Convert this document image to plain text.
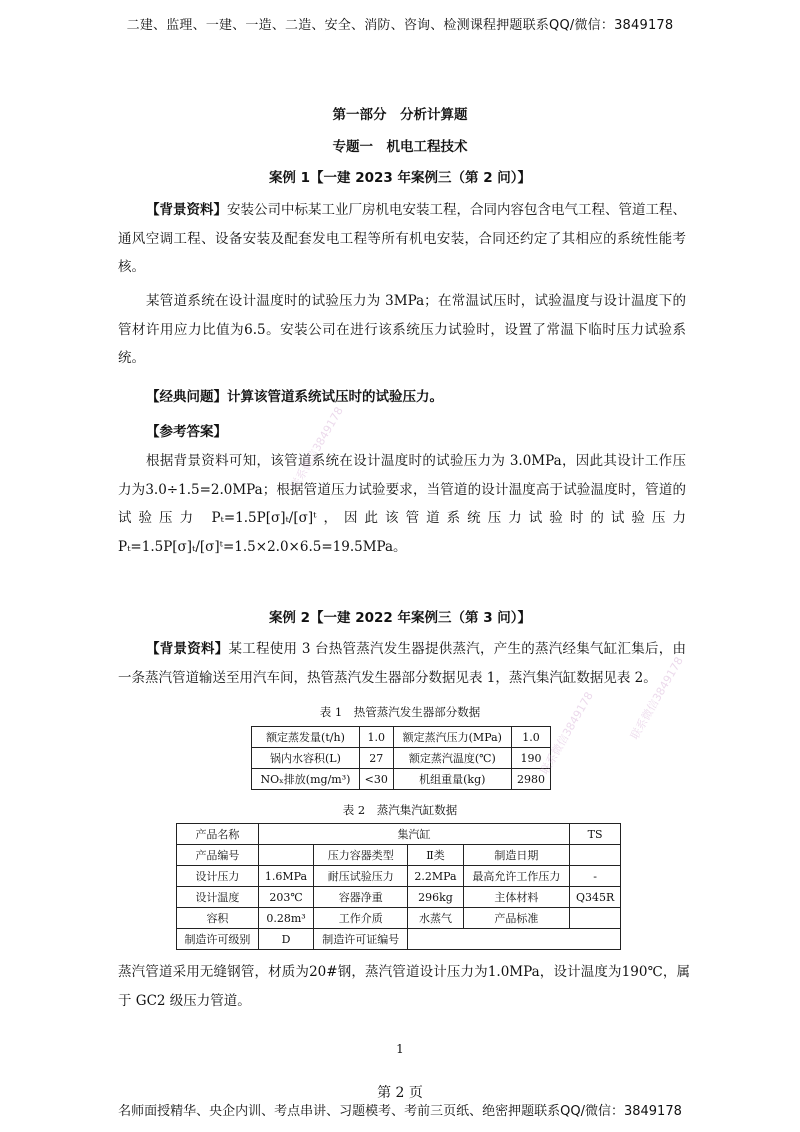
二建、监理、一建、一造、二造、安全、消防、咨询、检测课程押题联系QQ/微信：3849178
第一部分　分析计算题
专题一　机电工程技术
案例 1【一建 2023 年案例三（第 2 问）】
【背景资料】安装公司中标某工业厂房机电安装工程，合同内容包含电气工程、管道工程、通风空调工程、设备安装及配套发电工程等所有机电安装，合同还约定了其相应的系统性能考核。
某管道系统在设计温度时的试验压力为 3MPa；在常温试压时，试验温度与设计温度下的管材许用应力比值为6.5。安装公司在进行该系统压力试验时，设置了常温下临时压力试验系统。
【经典问题】计算该管道系统试压时的试验压力。
【参考答案】
根据背景资料可知，该管道系统在设计温度时的试验压力为 3.0MPa，因此其设计工作压力为3.0÷1.5=2.0MPa；根据管道压力试验要求，当管道的设计温度高于试验温度时，管道的试验压力 Pₜ=1.5P[σ]ₜ/[σ]ᵗ，因此该管道系统压力试验时的试验压力Pₜ=1.5P[σ]ₜ/[σ]ᵗ=1.5×2.0×6.5=19.5MPa。
案例 2【一建 2022 年案例三（第 3 问）】
【背景资料】某工程使用 3 台热管蒸汽发生器提供蒸汽，产生的蒸汽经集气缸汇集后，由一条蒸汽管道输送至用汽车间，热管蒸汽发生器部分数据见表 1，蒸汽集汽缸数据见表 2。
表 1　热管蒸汽发生器部分数据
额定蒸发量(t/h)	1.0	额定蒸汽压力(MPa)	1.0
锅内水容积(L)	27	额定蒸汽温度(℃)	190
NOₓ排放(mg/m³)	<30	机组重量(kg)	2980
表 2　蒸汽集汽缸数据
产品名称	集汽缸				TS
产品编号		压力容器类型	Ⅱ类	制造日期	
设计压力	1.6MPa	耐压试验压力	2.2MPa	最高允许工作压力	-
设计温度	203℃	容器净重	296kg	主体材料	Q345R
容积	0.28m³	工作介质	水蒸气	产品标准	
制造许可级别	D	制造许可证编号			
蒸汽管道采用无缝钢管，材质为20#钢，蒸汽管道设计压力为1.0MPa，设计温度为190℃，属于 GC2 级压力管道。
1
第 2 页
名师面授精华、央企内训、考点串讲、习题模考、考前三页纸、绝密押题联系QQ/微信：3849178
联系微信3849178
联系微信3849178
联系微信3849178
